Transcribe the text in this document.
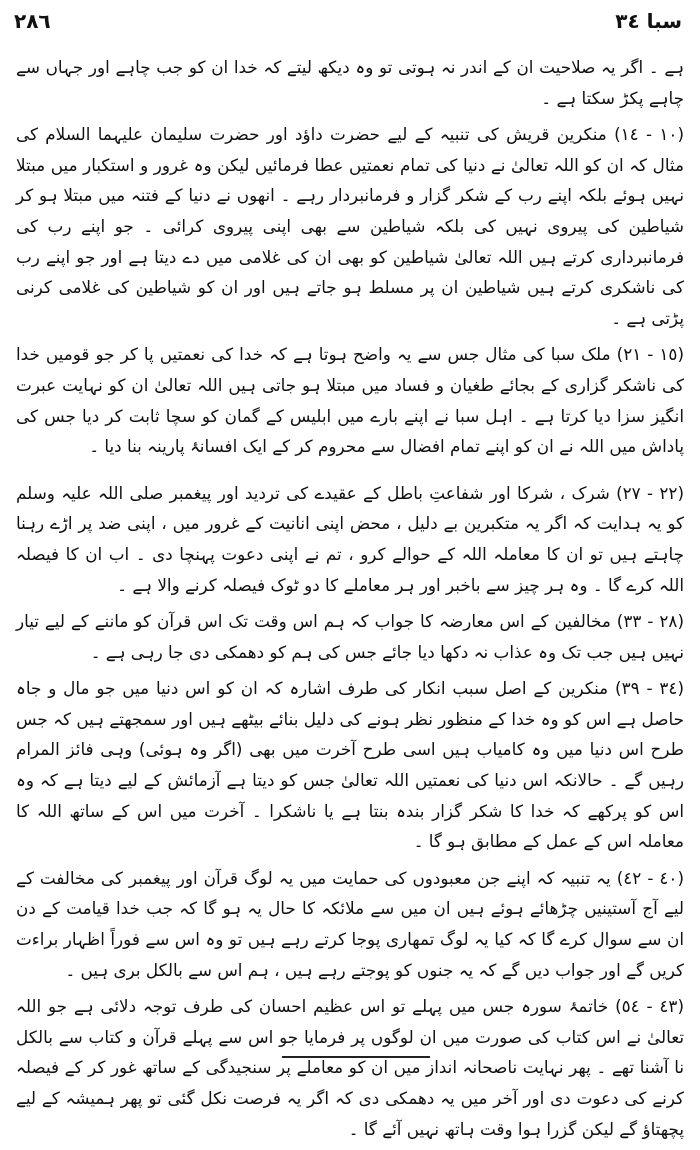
٢٨٦	سبا ٣٤

ہے ۔ اگر یہ صلاحیت ان کے اندر نہ ہوتی تو وہ دیکھ لیتے کہ خدا ان کو جب چاہے اور جہاں سے چاہے پکڑ سکتا ہے ۔

(١٠ - ١٤) منکرین قریش کی تنبیہ کے لیے حضرت داؤد اور حضرت سلیمان علیہما السلام کی مثال کہ ان کو اللہ تعالیٰ نے دنیا کی تمام نعمتیں عطا فرمائیں لیکن وہ غرور و استکبار میں مبتلا نہیں ہوئے بلکہ اپنے رب کے شکر گزار و فرمانبردار رہے ۔ انھوں نے دنیا کے فتنہ میں مبتلا ہو کر شیاطین کی پیروی نہیں کی بلکہ شیاطین سے بھی اپنی پیروی کرائی ۔ جو اپنے رب کی فرمانبرداری کرتے ہیں اللہ تعالیٰ شیاطین کو بھی ان کی غلامی میں دے دیتا ہے اور جو اپنے رب کی ناشکری کرتے ہیں شیاطین ان پر مسلط ہو جاتے ہیں اور ان کو شیاطین کی غلامی کرنی پڑتی ہے ۔

(١٥ - ٢١) ملک سبا کی مثال جس سے یہ واضح ہوتا ہے کہ خدا کی نعمتیں پا کر جو قومیں خدا کی ناشکر گزاری کے بجائے طغیان و فساد میں مبتلا ہو جاتی ہیں اللہ تعالیٰ ان کو نہایت عبرت انگیز سزا دیا کرتا ہے ۔ اہل سبا نے اپنے بارے میں ابلیس کے گمان کو سچا ثابت کر دیا جس کی پاداش میں اللہ نے ان کو اپنے تمام افضال سے محروم کر کے ایک افسانۂ پارینہ بنا دیا ۔

(٢٢ - ٢٧) شرک ، شرکا اور شفاعتِ باطل کے عقیدے کی تردید اور پیغمبر صلی اللہ علیہ وسلم کو یہ ہدایت کہ اگر یہ متکبرین بے دلیل ، محض اپنی انانیت کے غرور میں ، اپنی ضد پر اڑے رہنا چاہتے ہیں تو ان کا معاملہ اللہ کے حوالے کرو ، تم نے اپنی دعوت پہنچا دی ۔ اب ان کا فیصلہ اللہ کرے گا ۔ وہ ہر چیز سے باخبر اور ہر معاملے کا دو ٹوک فیصلہ کرنے والا ہے ۔

(٢٨ - ٣٣) مخالفین کے اس معارضہ کا جواب کہ ہم اس وقت تک اس قرآن کو ماننے کے لیے تیار نہیں ہیں جب تک وہ عذاب نہ دکھا دیا جائے جس کی ہم کو دھمکی دی جا رہی ہے ۔

(٣٤ - ٣٩) منکرین کے اصل سبب انکار کی طرف اشارہ کہ ان کو اس دنیا میں جو مال و جاہ حاصل ہے اس کو وہ خدا کے منظور نظر ہونے کی دلیل بنائے بیٹھے ہیں اور سمجھتے ہیں کہ جس طرح اس دنیا میں وہ کامیاب ہیں اسی طرح آخرت میں بھی (اگر وہ ہوئی) وہی فائز المرام رہیں گے ۔ حالانکہ اس دنیا کی نعمتیں اللہ تعالیٰ جس کو دیتا ہے آزمائش کے لیے دیتا ہے کہ وہ اس کو پرکھے کہ خدا کا شکر گزار بندہ بنتا ہے یا ناشکرا ۔ آخرت میں اس کے ساتھ اللہ کا معاملہ اس کے عمل کے مطابق ہو گا ۔

(٤٠ - ٤٢) یہ تنبیہ کہ اپنے جن معبودوں کی حمایت میں یہ لوگ قرآن اور پیغمبر کی مخالفت کے لیے آج آستینیں چڑھائے ہوئے ہیں ان میں سے ملائکہ کا حال یہ ہو گا کہ جب خدا قیامت کے دن ان سے سوال کرے گا کہ کیا یہ لوگ تمھاری پوجا کرتے رہے ہیں تو وہ اس سے فوراً اظہار براءت کریں گے اور جواب دیں گے کہ یہ جنوں کو پوجتے رہے ہیں ، ہم اس سے بالکل بری ہیں ۔

(٤٣ - ٥٤) خاتمۂ سورہ جس میں پہلے تو اس عظیم احسان کی طرف توجہ دلائی ہے جو اللہ تعالیٰ نے اس کتاب کی صورت میں ان لوگوں پر فرمایا جو اس سے پہلے قرآن و کتاب سے بالکل نا آشنا تھے ۔ پھر نہایت ناصحانہ انداز میں ان کو معاملے پر سنجیدگی کے ساتھ غور کر کے فیصلہ کرنے کی دعوت دی اور آخر میں یہ دھمکی دی کہ اگر یہ فرصت نکل گئی تو پھر ہمیشہ کے لیے پچھتاؤ گے لیکن گزرا ہوا وقت ہاتھ نہیں آئے گا ۔
